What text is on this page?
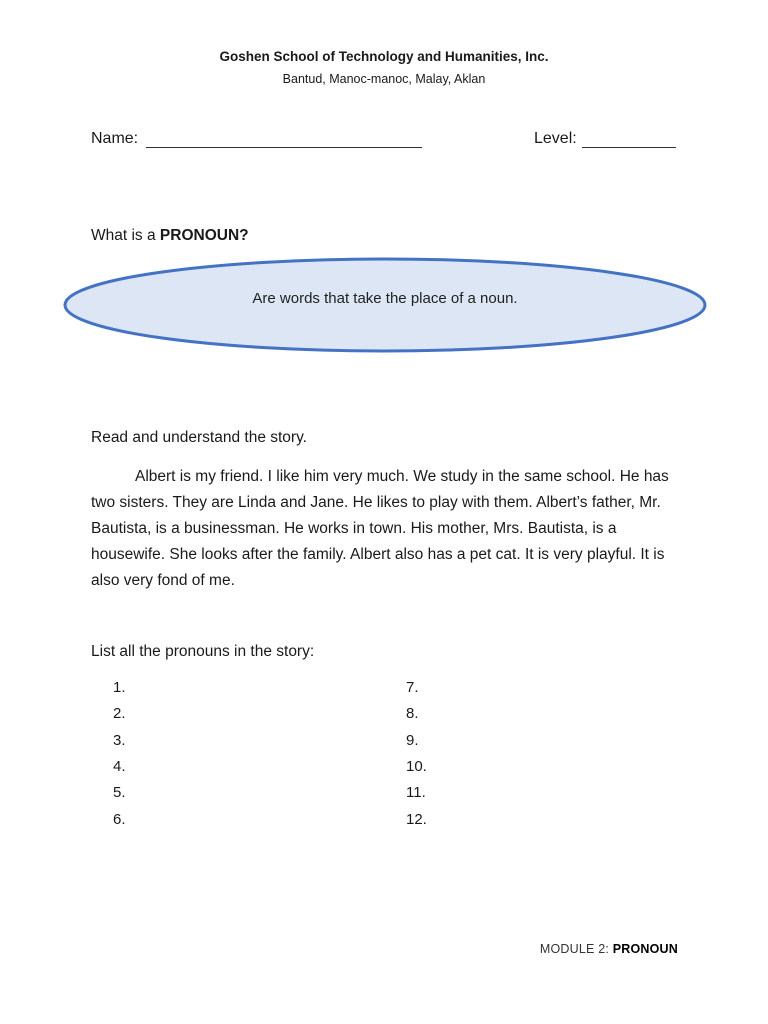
Goshen School of Technology and Humanities, Inc.
Bantud, Manoc-manoc, Malay, Aklan
Name:	Level:
What is a PRONOUN?
Are words that take the place of a noun.
Read and understand the story.
Albert is my friend. I like him very much. We study in the same school. He has two sisters. They are Linda and Jane. He likes to play with them. Albert’s father, Mr. Bautista, is a businessman. He works in town. His mother, Mrs. Bautista, is a housewife. She looks after the family. Albert also has a pet cat. It is very playful. It is also very fond of me.
List all the pronouns in the story:
1.
2.
3.
4.
5.
6.
7.
8.
9.
10.
11.
12.
MODULE 2: PRONOUN
